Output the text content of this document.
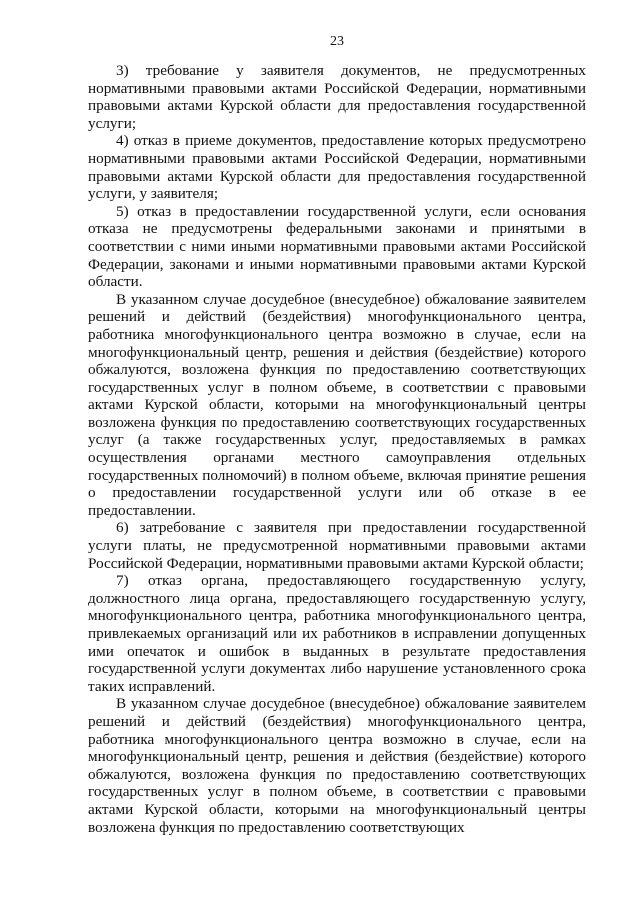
23

3) требование у заявителя документов, не предусмотренных нормативными правовыми актами Российской Федерации, нормативными правовыми актами Курской области для предоставления государственной услуги;

4) отказ в приеме документов, предоставление которых предусмотрено нормативными правовыми актами Российской Федерации, нормативными правовыми актами Курской области для предоставления государственной услуги, у заявителя;

5) отказ в предоставлении государственной услуги, если основания отказа не предусмотрены федеральными законами и принятыми в соответствии с ними иными нормативными правовыми актами Российской Федерации, законами и иными нормативными правовыми актами Курской области.

В указанном случае досудебное (внесудебное) обжалование заявителем решений и действий (бездействия) многофункционального центра, работника многофункционального центра возможно в случае, если на многофункциональный центр, решения и действия (бездействие) которого обжалуются, возложена функция по предоставлению соответствующих государственных услуг в полном объеме, в соответствии с правовыми актами Курской области, которыми на многофункциональный центры возложена функция по предоставлению соответствующих государственных услуг (а также государственных услуг, предоставляемых в рамках осуществления органами местного самоуправления отдельных государственных полномочий) в полном объеме, включая принятие решения о предоставлении государственной услуги или об отказе в ее предоставлении.

6) затребование с заявителя при предоставлении государственной услуги платы, не предусмотренной нормативными правовыми актами Российской Федерации, нормативными правовыми актами Курской области;

7) отказ органа, предоставляющего государственную услугу, должностного лица органа, предоставляющего государственную услугу, многофункционального центра, работника многофункционального центра, привлекаемых организаций или их работников в исправлении допущенных ими опечаток и ошибок в выданных в результате предоставления государственной услуги документах либо нарушение установленного срока таких исправлений.

В указанном случае досудебное (внесудебное) обжалование заявителем решений и действий (бездействия) многофункционального центра, работника многофункционального центра возможно в случае, если на многофункциональный центр, решения и действия (бездействие) которого обжалуются, возложена функция по предоставлению соответствующих государственных услуг в полном объеме, в соответствии с правовыми актами Курской области, которыми на многофункциональный центры возложена функция по предоставлению соответствующих
